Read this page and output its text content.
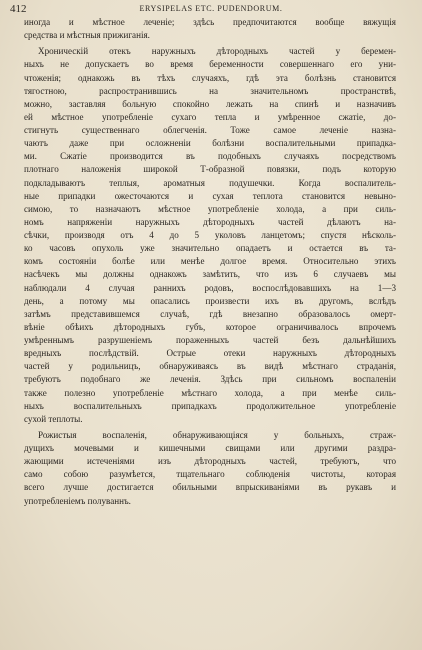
412	ERYSIPELAS ETC. PUDENDORUM.
иногда и мѣстное леченіе; здѣсь предпочитаются вообще вяжущія
средства и мѣстныя прижиганія.
Хроническій отекъ наружныхъ дѣтородныхъ частей у беремен-
ныхъ не допускаетъ во время беременности совершеннаго его уни-
чтоженія; однакожь въ тѣхъ случаяхъ, гдѣ эта болѣзнь становится
тягостною, распространившись на значительномъ пространствѣ,
можно, заставляя больную спокойно лежать на спинѣ и назначивъ
ей мѣстное употребленіе сухаго тепла и умѣренное сжатіе, до-
стигнуть существеннаго облегченія. Тоже самое леченіе назна-
чаютъ даже при осложненіи болѣзни воспалительными припадка-
ми. Сжатіе производится въ подобныхъ случаяхъ посредствомъ
плотнаго наложенія широкой Т-образной повязки, подъ которую
подкладываютъ теплыя, ароматныя подушечки. Когда воспалитель-
ные припадки ожесточаются и сухая теплота становится невыно-
симою, то назначаютъ мѣстное употребленіе холода, а при силь-
номъ напряженіи наружныхъ дѣтородныхъ частей дѣлаютъ на-
сѣчки, производя отъ 4 до 5 уколовъ ланцетомъ; спустя нѣсколь-
ко часовъ опухоль уже значительно опадаетъ и остается въ та-
комъ состояніи болѣе или менѣе долгое время. Относительно этихъ
насѣчекъ мы должны однакожъ замѣтить, что изъ 6 случаевъ мы
наблюдали 4 случая раннихъ родовъ, воспослѣдовавшихъ на 1—3
день, а потому мы опасались произвести ихъ въ другомъ, вслѣдъ
затѣмъ представившемся случаѣ, гдѣ внезапно образовалось омерт-
вѣніе обѣихъ дѣтородныхъ губъ, которое ограничивалось впрочемъ
умѣреннымъ разрушеніемъ пораженныхъ частей безъ дальнѣйшихъ
вредныхъ послѣдствій. Острые отеки наружныхъ дѣтородныхъ
частей у родильницъ, обнаруживаясь въ видѣ мѣстнаго страданія,
требуютъ подобнаго же леченія. Здѣсь при сильномъ воспаленіи
также полезно употребленіе мѣстнаго холода, а при менѣе силь-
ныхъ воспалительныхъ припадкахъ продолжительное употребленіе
сухой теплоты.
Рожистыя воспаленія, обнаруживающіяся у больныхъ, страж-
дущихъ мочевыми и кишечными свищами или другими раздра-
жающими истеченіями изъ дѣтородныхъ частей, требуютъ, что
само собою разумѣется, тщательнаго соблюденія чистоты, которая
всего лучше достигается обильными впрыскиваніями въ рукавъ и
употребленіемъ полуваннъ.
